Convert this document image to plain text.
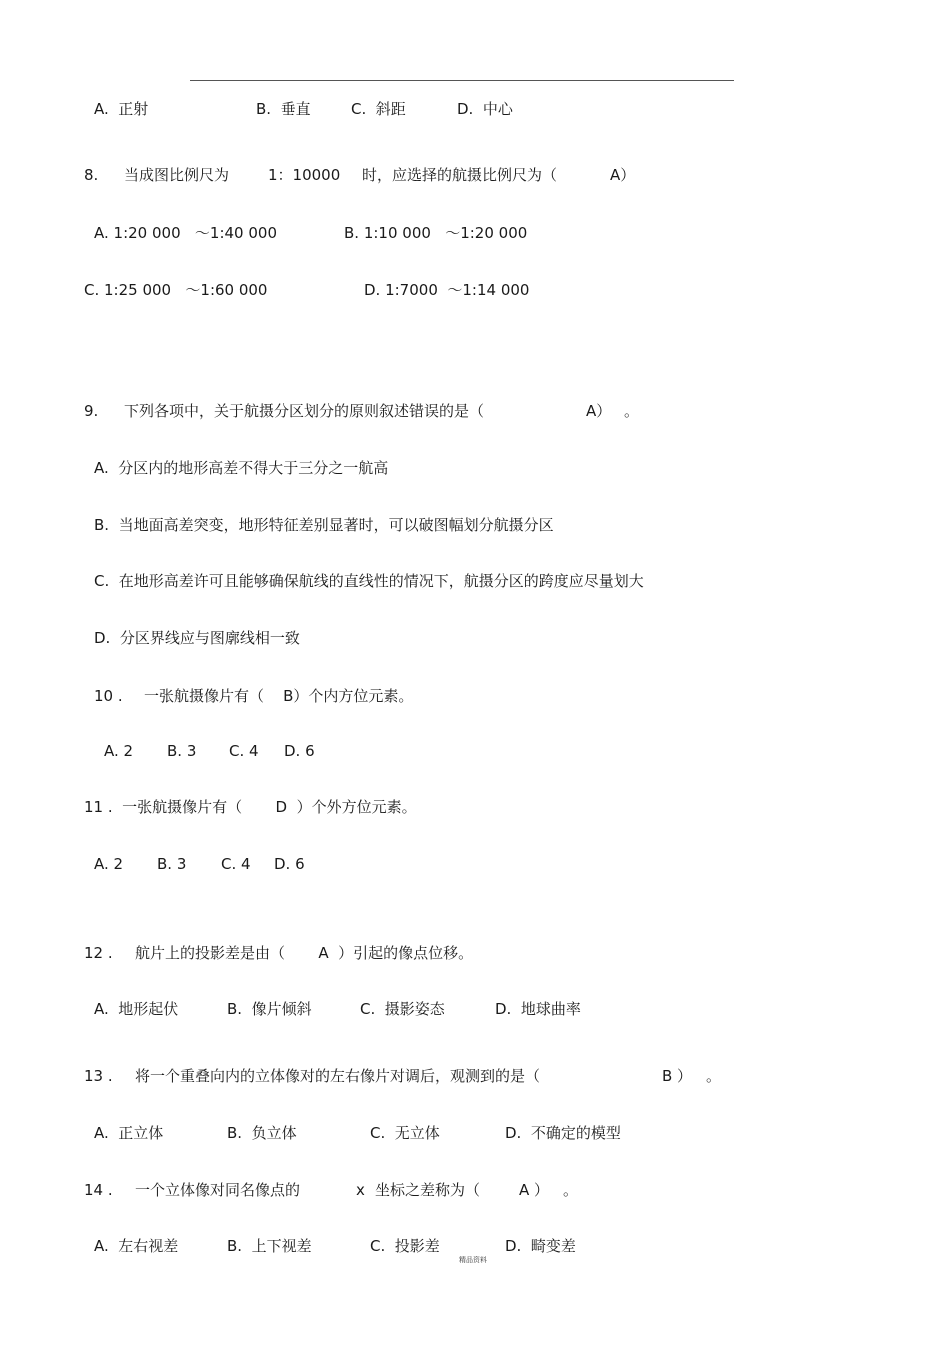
A.  正射	B.  垂直	C.  斜距	D.  中心
8. 当成图比例尺为	1：10000 时，应选择的航摄比例尺为（	A）
A. 1:20 000   ～1:40 000	B. 1:10 000   ～1:20 000
C. 1:25 000   ～1:60 000	D. 1:7000  ～1:14 000
9. 下列各项中，关于航摄分区划分的原则叙述错误的是（	A） 。
A.  分区内的地形高差不得大于三分之一航高
B.  当地面高差突变，地形特征差别显著时，可以破图幅划分航摄分区
C.  在地形高差许可且能够确保航线的直线性的情况下，航摄分区的跨度应尽量划大
D.  分区界线应与图廓线相一致
10 . 一张航摄像片有（    B）个内方位元素。
A. 2 B. 3 C. 4 D. 6
11 .  一张航摄像片有（       D  ）个外方位元素。
A. 2 B. 3 C. 4 D. 6
12 . 航片上的投影差是由（       A  ）引起的像点位移。
A.  地形起伏	B.  像片倾斜	C.  摄影姿态	D.  地球曲率
13 . 将一个重叠向内的立体像对的左右像片对调后，观测到的是（	B ） 。
A.  正立体	B.  负立体	C.  无立体	D.  不确定的模型
14 . 一个立体像对同名像点的	x 坐标之差称为（	A ） 。
A.  左右视差	B.  上下视差	C.  投影差	D.  畸变差
精品资料
